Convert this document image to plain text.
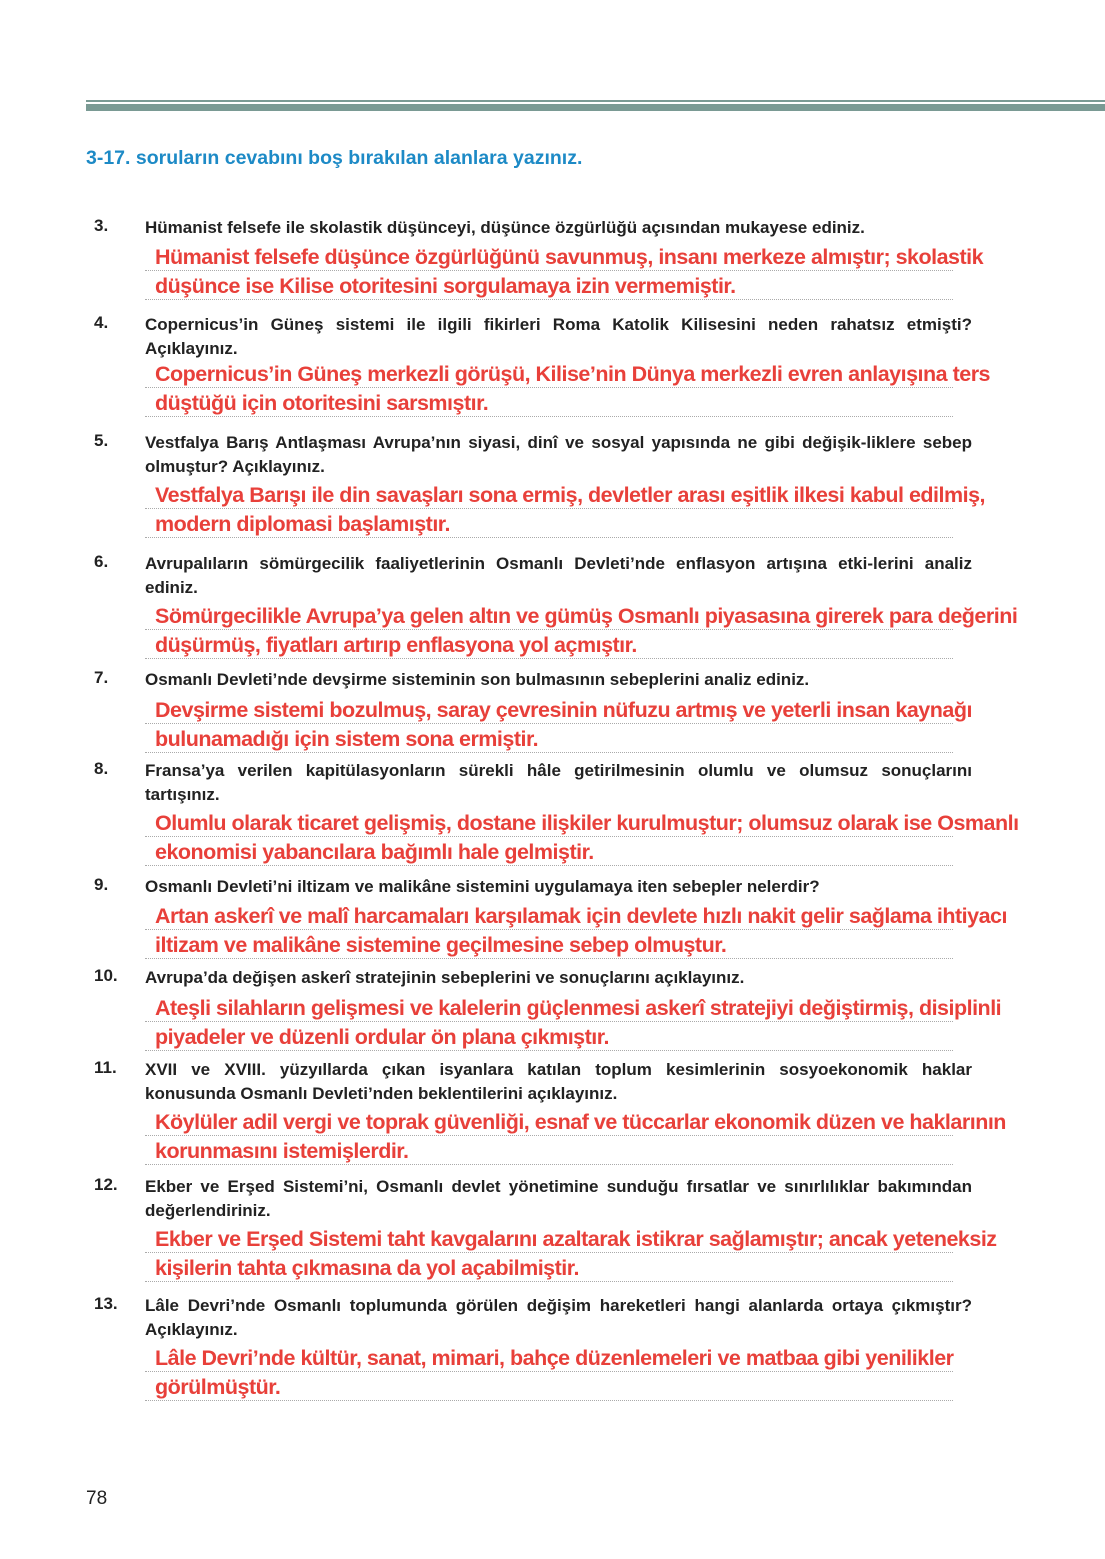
3-17. soruların cevabını boş bırakılan alanlara yazınız.
3. Hümanist felsefe ile skolastik düşünceyi, düşünce özgürlüğü açısından mukayese ediniz.
Hümanist felsefe düşünce özgürlüğünü savunmuş, insanı merkeze almıştır; skolastik
düşünce ise Kilise otoritesini sorgulamaya izin vermemiştir.
4. Copernicus’in Güneş sistemi ile ilgili fikirleri Roma Katolik Kilisesini neden rahatsız etmişti? Açıklayınız.
Copernicus’in Güneş merkezli görüşü, Kilise’nin Dünya merkezli evren anlayışına ters
düştüğü için otoritesini sarsmıştır.
5. Vestfalya Barış Antlaşması Avrupa’nın siyasi, dinî ve sosyal yapısında ne gibi değişik-liklere sebep olmuştur? Açıklayınız.
Vestfalya Barışı ile din savaşları sona ermiş, devletler arası eşitlik ilkesi kabul edilmiş,
modern diplomasi başlamıştır.
6. Avrupalıların sömürgecilik faaliyetlerinin Osmanlı Devleti’nde enflasyon artışına etki-lerini analiz ediniz.
Sömürgecilikle Avrupa’ya gelen altın ve gümüş Osmanlı piyasasına girerek para değerini
düşürmüş, fiyatları artırıp enflasyona yol açmıştır.
7. Osmanlı Devleti’nde devşirme sisteminin son bulmasının sebeplerini analiz ediniz.
Devşirme sistemi bozulmuş, saray çevresinin nüfuzu artmış ve yeterli insan kaynağı
bulunamadığı için sistem sona ermiştir.
8. Fransa’ya verilen kapitülasyonların sürekli hâle getirilmesinin olumlu ve olumsuz sonuçlarını tartışınız.
Olumlu olarak ticaret gelişmiş, dostane ilişkiler kurulmuştur; olumsuz olarak ise Osmanlı
ekonomisi yabancılara bağımlı hale gelmiştir.
9. Osmanlı Devleti’ni iltizam ve malikâne sistemini uygulamaya iten sebepler nelerdir?
Artan askerî ve malî harcamaları karşılamak için devlete hızlı nakit gelir sağlama ihtiyacı
iltizam ve malikâne sistemine geçilmesine sebep olmuştur.
10. Avrupa’da değişen askerî stratejinin sebeplerini ve sonuçlarını açıklayınız.
Ateşli silahların gelişmesi ve kalelerin güçlenmesi askerî stratejiyi değiştirmiş, disiplinli
piyadeler ve düzenli ordular ön plana çıkmıştır.
11. XVII ve XVIII. yüzyıllarda çıkan isyanlara katılan toplum kesimlerinin sosyoekonomik haklar konusunda Osmanlı Devleti’nden beklentilerini açıklayınız.
Köylüler adil vergi ve toprak güvenliği, esnaf ve tüccarlar ekonomik düzen ve haklarının
korunmasını istemişlerdir.
12. Ekber ve Erşed Sistemi’ni, Osmanlı devlet yönetimine sunduğu fırsatlar ve sınırlılıklar bakımından değerlendiriniz.
Ekber ve Erşed Sistemi taht kavgalarını azaltarak istikrar sağlamıştır; ancak yeteneksiz
kişilerin tahta çıkmasına da yol açabilmiştir.
13. Lâle Devri’nde Osmanlı toplumunda görülen değişim hareketleri hangi alanlarda ortaya çıkmıştır? Açıklayınız.
Lâle Devri’nde kültür, sanat, mimari, bahçe düzenlemeleri ve matbaa gibi yenilikler
görülmüştür.
78
